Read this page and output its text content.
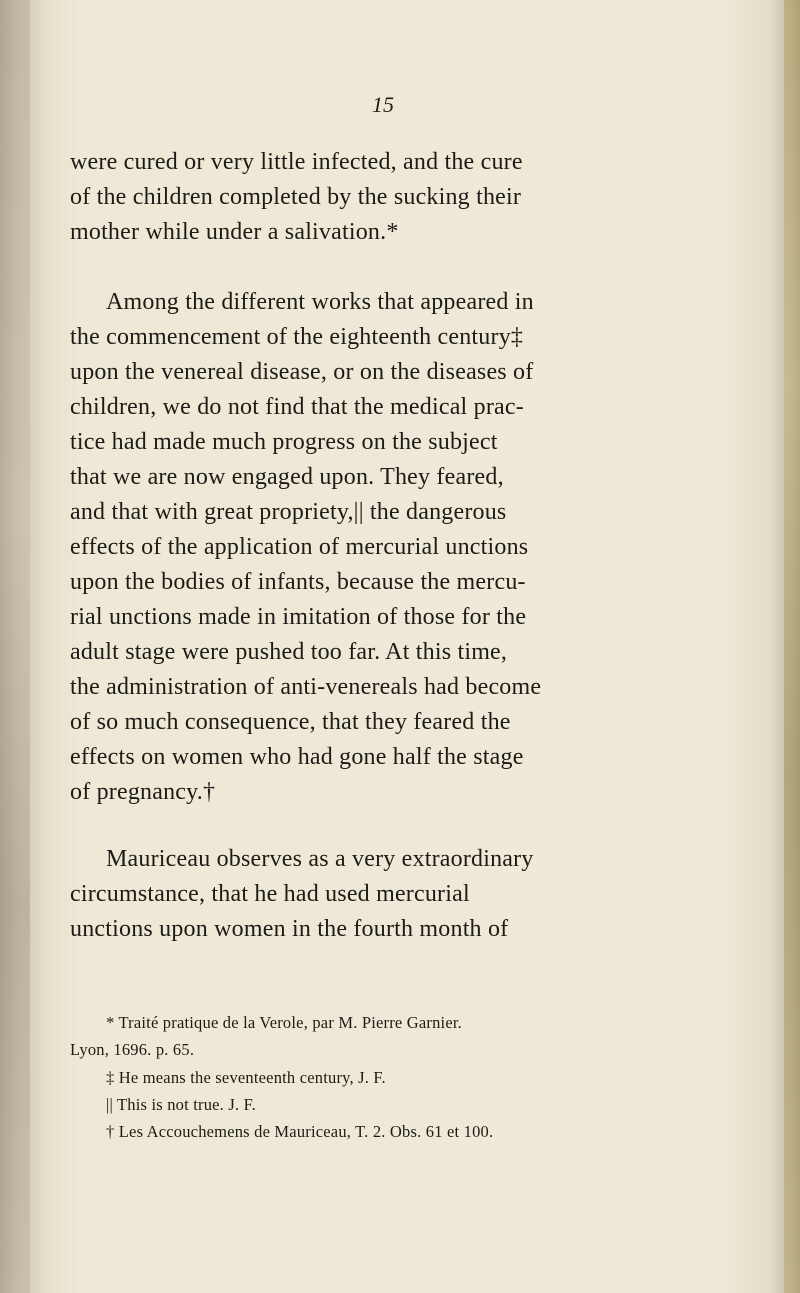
15
were cured or very little infected, and the cure
of the children completed by the sucking their
mother while under a salivation.*
Among the different works that appeared in
the commencement of the eighteenth century‡
upon the venereal disease, or on the diseases of
children, we do not find that the medical prac-
tice had made much progress on the subject
that we are now engaged upon. They feared,
and that with great propriety,|| the dangerous
effects of the application of mercurial unctions
upon the bodies of infants, because the mercu-
rial unctions made in imitation of those for the
adult stage were pushed too far. At this time,
the administration of anti-venereals had become
of so much consequence, that they feared the
effects on women who had gone half the stage
of pregnancy.†
Mauriceau observes as a very extraordinary
circumstance, that he had used mercurial
unctions upon women in the fourth month of
* Traité pratique de la Verole, par M. Pierre Garnier.
Lyon, 1696. p. 65.
‡ He means the seventeenth century, J. F.
|| This is not true. J. F.
† Les Accouchemens de Mauriceau, T. 2. Obs. 61 et 100.
